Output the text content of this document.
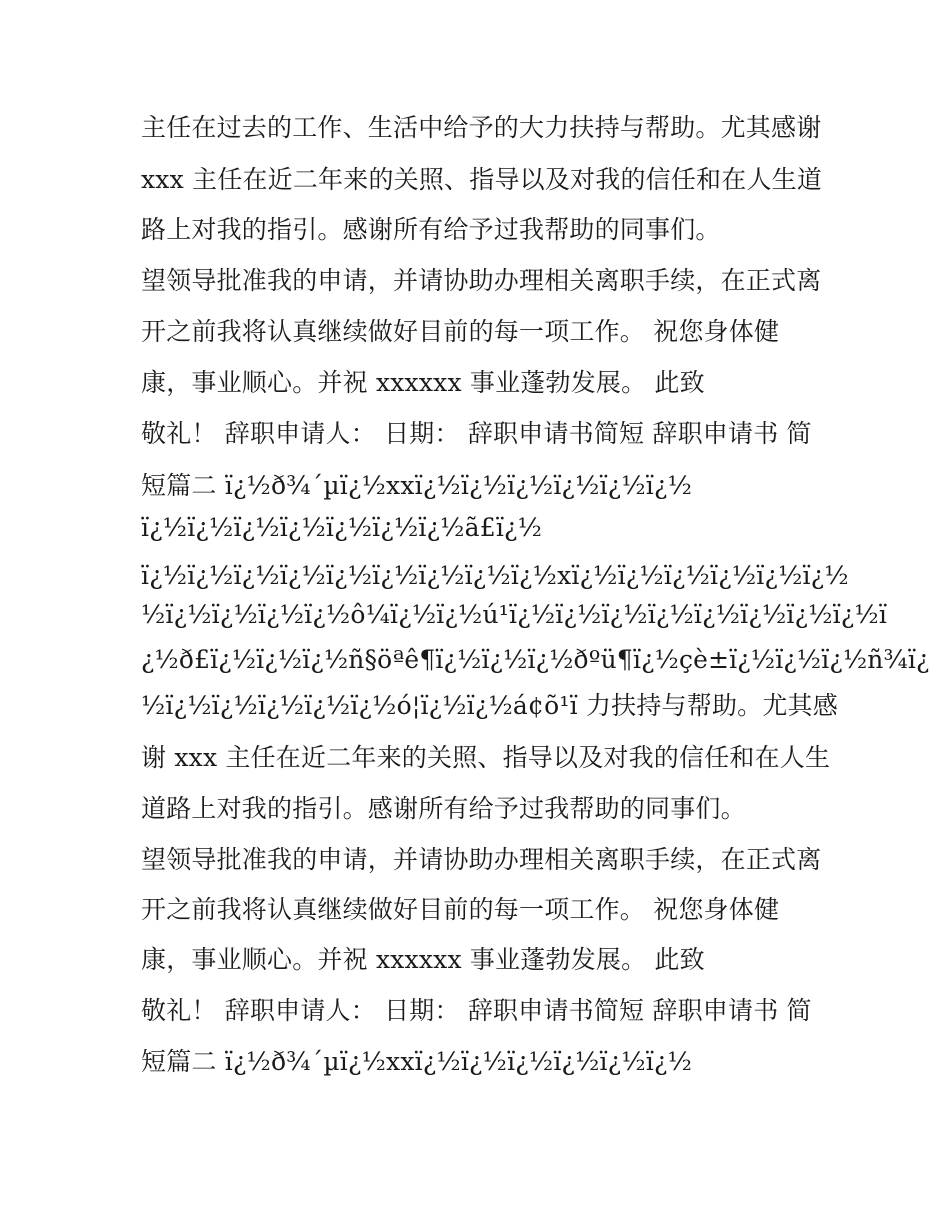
主任在过去的工作、生活中给予的大力扶持与帮助。尤其感谢
xxx 主任在近二年来的关照、指导以及对我的信任和在人生道
路上对我的指引。感谢所有给予过我帮助的同事们。
望领导批准我的申请，并请协助办理相关离职手续，在正式离
开之前我将认真继续做好目前的每一项工作。 祝您身体健
康，事业顺心。并祝 xxxxxx 事业蓬勃发展。 此致
敬礼！ 辞职申请人： 日期： 辞职申请书简短 辞职申请书 简
短篇二 ï¿½ð¾´µï¿½xxï¿½ï¿½ï¿½ï¿½ï¿½ï¿½
ï¿½ï¿½ï¿½ï¿½ï¿½ï¿½ï¿½ã£ï¿½
ï¿½ï¿½ï¿½ï¿½ï¿½ï¿½ï¿½ï¿½ï¿½xï¿½ï¿½ï¿½ï¿½ï¿½ï¿½
½ï¿½ï¿½ï¿½ï¿½ô¼ï¿½ï¿½ú¹ï¿½ï¿½ï¿½ï¿½ï¿½ï¿½ï¿½ï¿½ï
¿½ð£ï¿½ï¿½ï¿½ñ§öªê¶ï¿½ï¿½ï¿½ðºü¶ï¿½çè±ï¿½ï¿½ï¿½ñ¾ï¿
½ï¿½ï¿½ï¿½ï¿½ï¿½ó¦ï¿½ï¿½á¢õ¹ï 力扶持与帮助。尤其感
谢 xxx 主任在近二年来的关照、指导以及对我的信任和在人生
道路上对我的指引。感谢所有给予过我帮助的同事们。
望领导批准我的申请，并请协助办理相关离职手续，在正式离
开之前我将认真继续做好目前的每一项工作。 祝您身体健
康，事业顺心。并祝 xxxxxx 事业蓬勃发展。 此致
敬礼！ 辞职申请人： 日期： 辞职申请书简短 辞职申请书 简
短篇二 ï¿½ð¾´µï¿½xxï¿½ï¿½ï¿½ï¿½ï¿½ï¿½
